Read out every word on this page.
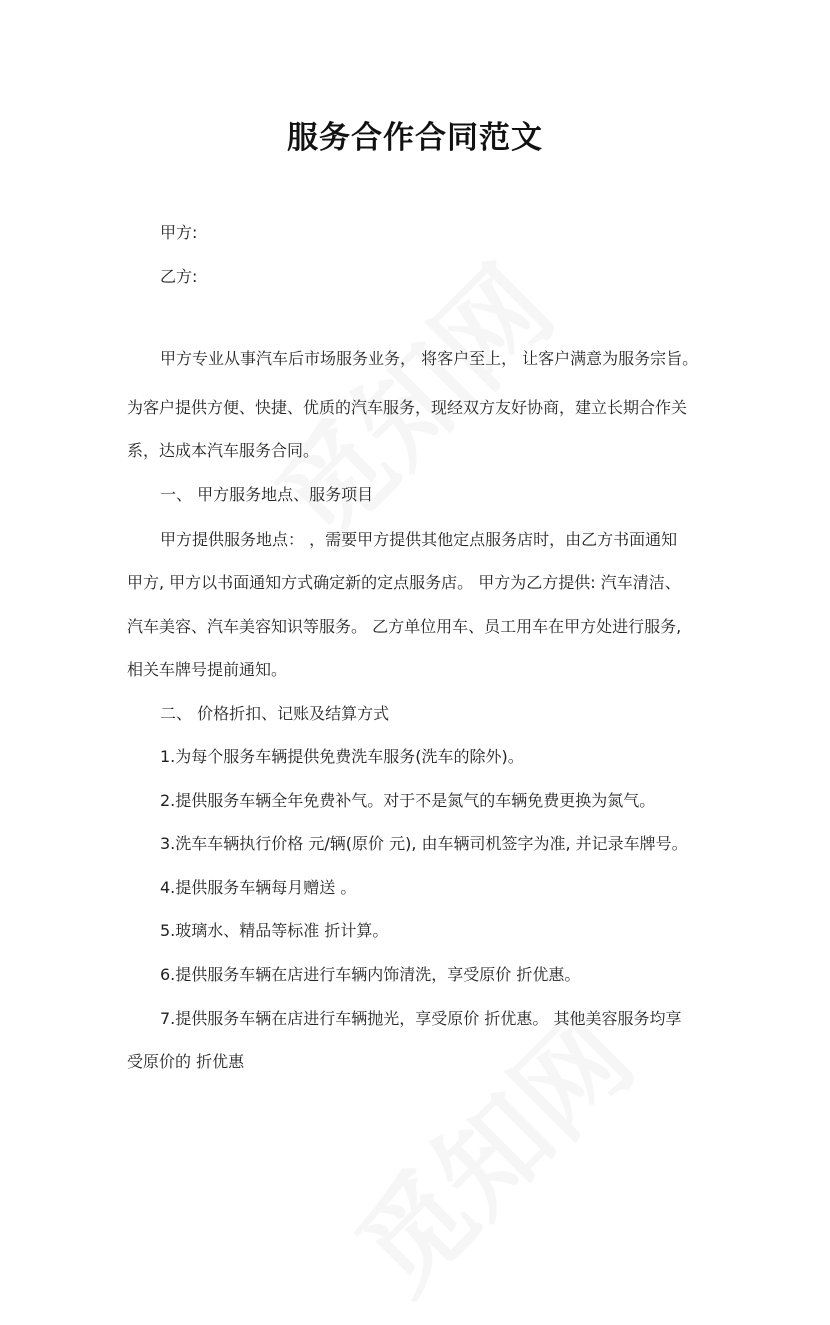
服务合作合同范文
甲方:
乙方:
甲方专业从事汽车后市场服务业务， 将客户至上， 让客户满意为服务宗旨。
为客户提供方便、快捷、优质的汽车服务，现经双方友好协商，建立长期合作关
系，达成本汽车服务合同。
一、 甲方服务地点、服务项目
甲方提供服务地点： ，需要甲方提供其他定点服务店时，由乙方书面通知
甲方, 甲方以书面通知方式确定新的定点服务店。 甲方为乙方提供: 汽车清洁、
汽车美容、汽车美容知识等服务。 乙方单位用车、员工用车在甲方处进行服务,
相关车牌号提前通知。
二、 价格折扣、记账及结算方式
1.为每个服务车辆提供免费洗车服务(洗车的除外)。
2.提供服务车辆全年免费补气。对于不是氮气的车辆免费更换为氮气。
3.洗车车辆执行价格 元/辆(原价 元), 由车辆司机签字为准, 并记录车牌号。
4.提供服务车辆每月赠送 。
5.玻璃水、精品等标准 折计算。
6.提供服务车辆在店进行车辆内饰清洗，享受原价 折优惠。
7.提供服务车辆在店进行车辆抛光，享受原价 折优惠。 其他美容服务均享
受原价的 折优惠
